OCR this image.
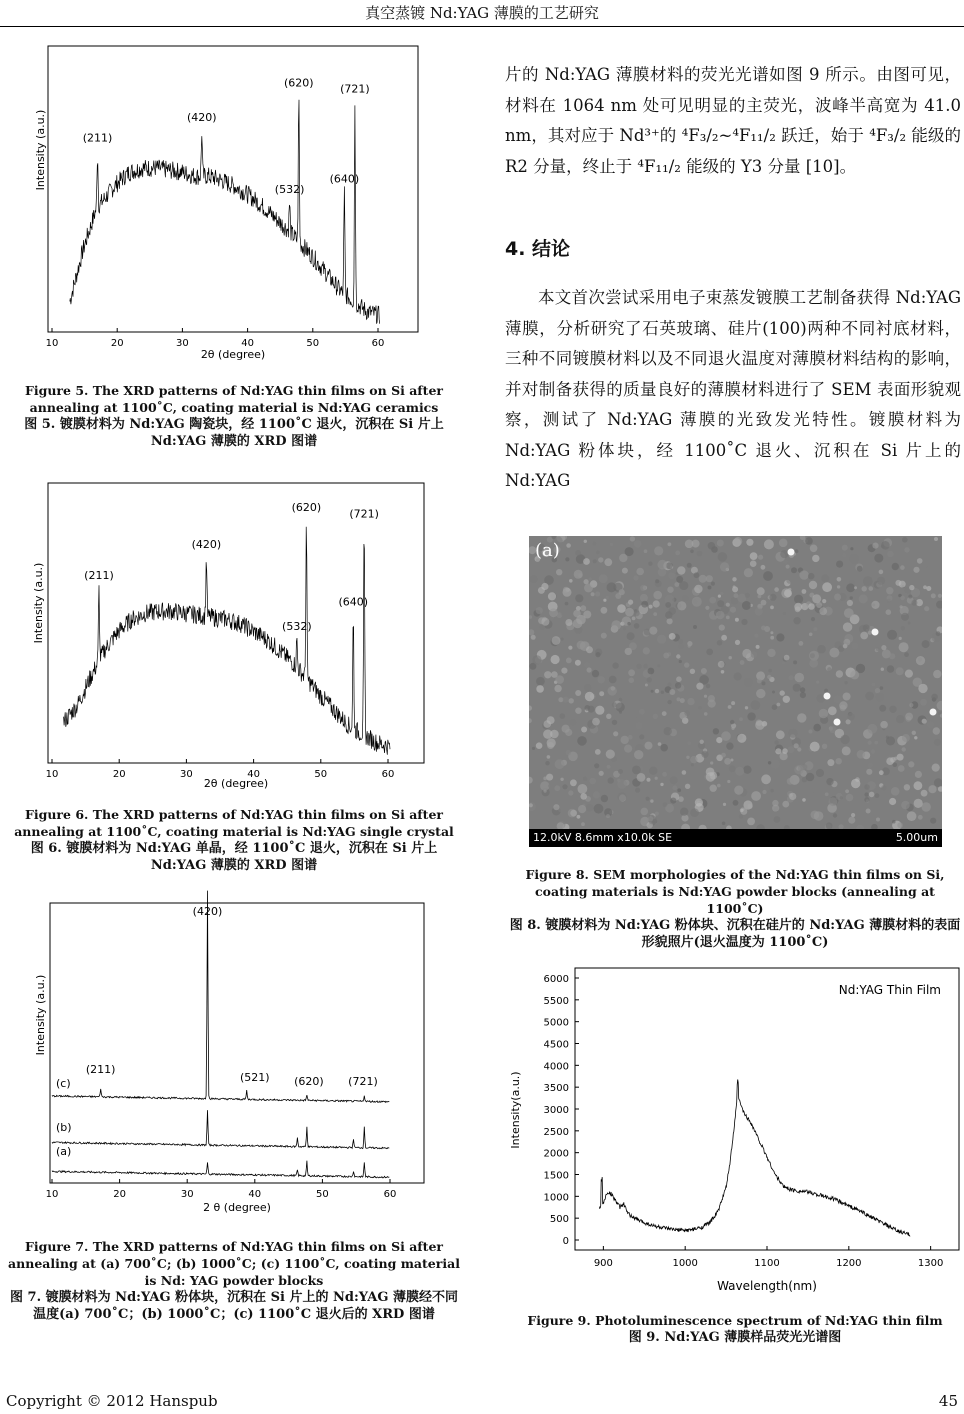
真空蒸镀 Nd:YAG 薄膜的工艺研究
10	20	30	40	50	60
Intensity (a.u.)
2θ (degree)
(211)
(420)
(532)
(620)
(640)
(721)
Figure 5. The XRD patterns of Nd:YAG thin films on Si after annealing at 1100˚C, coating material is Nd:YAG ceramics
图 5. 镀膜材料为 Nd:YAG 陶瓷块，经 1100˚C 退火，沉积在 Si 片上 Nd:YAG 薄膜的 XRD 图谱
10	20	30	40	50	60
Intensity (a.u.)
2θ (degree)
(211)
(420)
(532)
(620)
(640)
(721)
Figure 6. The XRD patterns of Nd:YAG thin films on Si after annealing at 1100˚C, coating material is Nd:YAG single crystal
图 6. 镀膜材料为 Nd:YAG 单晶，经 1100˚C 退火，沉积在 Si 片上 Nd:YAG 薄膜的 XRD 图谱
10	20	30	40	50	60
Intensity (a.u.)
2 θ (degree)
(211)
(420)
(521) (620) (721)
(a)
(b)
(c)
Figure 7. The XRD patterns of Nd:YAG thin films on Si after annealing at (a) 700˚C; (b) 1000˚C; (c) 1100˚C, coating material is Nd: YAG powder blocks
图 7. 镀膜材料为 Nd:YAG 粉体块，沉积在 Si 片上的 Nd:YAG 薄膜经不同温度(a) 700˚C；(b) 1000˚C；(c) 1100˚C 退火后的 XRD 图谱

片的 Nd:YAG 薄膜材料的荧光光谱如图 9 所示。由图可见，材料在 1064 nm 处可见明显的主荧光，波峰半高宽为 41.0 nm，其对应于 Nd³⁺的 ⁴F₃/₂~⁴F₁₁/₂ 跃迁，始于 ⁴F₃/₂ 能级的 R2 分量，终止于 ⁴F₁₁/₂ 能级的 Y3 分量 [10]。

4. 结论

本文首次尝试采用电子束蒸发镀膜工艺制备获得 Nd:YAG 薄膜，分析研究了石英玻璃、硅片(100)两种不同衬底材料，三种不同镀膜材料以及不同退火温度对薄膜材料结构的影响，并对制备获得的质量良好的薄膜材料进行了 SEM 表面形貌观察，测试了 Nd:YAG 薄膜的光致发光特性。镀膜材料为 Nd:YAG 粉体块，经 1100˚C 退火、沉积在 Si 片上的 Nd:YAG

(a)
12.0kV 8.6mm x10.0k SE	5.00um
Figure 8. SEM morphologies of the Nd:YAG thin films on Si, coating materials is Nd:YAG powder blocks (annealing at 1100˚C)
图 8. 镀膜材料为 Nd:YAG 粉体块、沉积在硅片的 Nd:YAG 薄膜材料的表面形貌照片(退火温度为 1100˚C)
0
500
1000
1500
2000
2500
3000
3500
4000
4500
5000
5500
6000
900	1000	1100	1200	1300
Nd:YAG Thin Film
Intensity(a.u.)
Wavelength(nm)
Figure 9. Photoluminescence spectrum of Nd:YAG thin film
图 9. Nd:YAG 薄膜样品荧光光谱图
Copyright © 2012 Hanspub	45
